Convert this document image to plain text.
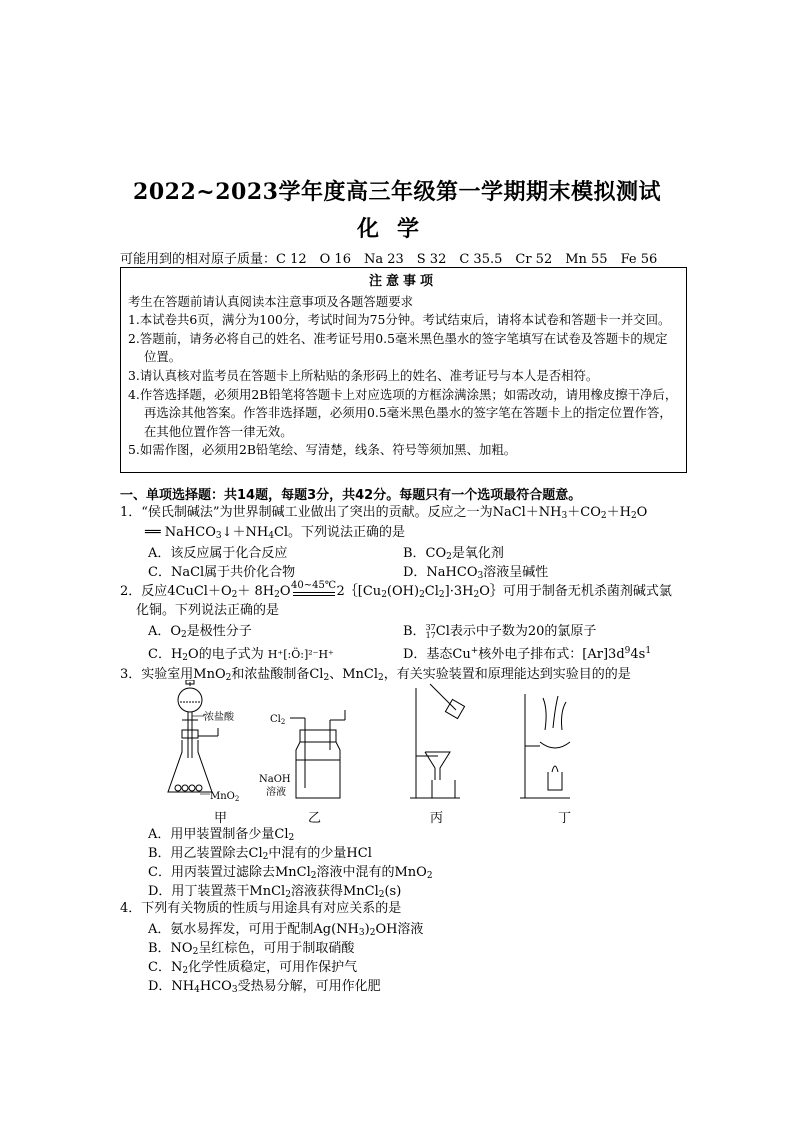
2022~2023学年度高三年级第一学期期末模拟测试
化学
可能用到的相对原子质量：C 12　O 16　Na 23　S 32　C 35.5　Cr 52　Mn 55　Fe 56
注意事项
考生在答题前请认真阅读本注意事项及各题答题要求
1.本试卷共6页，满分为100分，考试时间为75分钟。考试结束后，请将本试卷和答题卡一并交回。
2.答题前，请务必将自己的姓名、准考证号用0.5毫米黑色墨水的签字笔填写在试卷及答题卡的规定位置。
3.请认真核对监考员在答题卡上所粘贴的条形码上的姓名、准考证号与本人是否相符。
4.作答选择题，必须用2B铅笔将答题卡上对应选项的方框涂满涂黑；如需改动，请用橡皮擦干净后，再选涂其他答案。作答非选择题，必须用0.5毫米黑色墨水的签字笔在答题卡上的指定位置作答，在其他位置作答一律无效。
5.如需作图，必须用2B铅笔绘、写清楚，线条、符号等须加黑、加粗。
一、单项选择题：共14题，每题3分，共42分。每题只有一个选项最符合题意。
1．“侯氏制碱法”为世界制碱工业做出了突出的贡献。反应之一为$NaCl+NH_3+CO_2+H_2O$
══ $NaHCO_3↓+NH_4Cl$。下列说法正确的是
A．该反应属于化合反应	B．$CO_2$是氧化剂
C．NaCl属于共价化合物	D．NaHCO$_3$溶液呈碱性
2．反应$4CuCl+O_2+$ $8H_2O40\sim 45℃$
$2\{[Cu_2(OH)_2Cl_2]\cdot 3H_2O\}$可用于制备无机杀菌剂碱式氯
化铜。下列说法正确的是
A．$O_2$是极性分子	B． 37
17 Cl表示中子数为20的氯原子
C．$H_2O$的电子式为 H⁺[:Ö:]²⁻H⁺	D．基态Cu+核外电子排布式：$[Ar]3d^94s^1$
3．实验室用MnO$_2$和浓盐酸制备$Cl_2$、MnCl$_2$，有关实验装置和原理能达到实验目的的是
浓盐酸
MnO$_2$
甲
$Cl_2$
NaOH
溶液
乙	丙	丁
A．用甲装置制备少量$Cl_2$
B．用乙装置除去$Cl_2$中混有的少量HCl
C．用丙装置过滤除去MnCl$_2$溶液中混有的MnO$_2$
D．用丁装置蒸干MnCl$_2$溶液获得MnCl$_2$(s)
4．下列有关物质的性质与用途具有对应关系的是
A．氨水易挥发，可用于配制$Ag(NH_3)_2OH$溶液
B．$NO_2$呈红棕色，可用于制取硝酸
C．$N_2$化学性质稳定，可用作保护气
D．$NH_4HCO_3$受热易分解，可用作化肥
